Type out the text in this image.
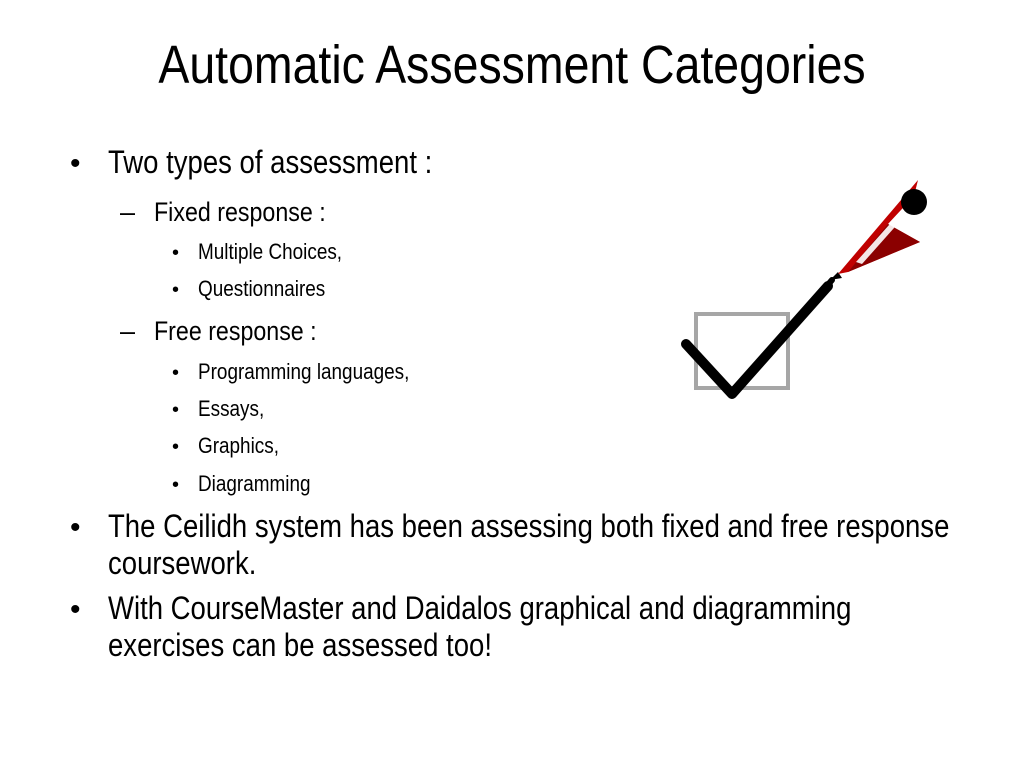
Automatic Assessment Categories
• Two types of assessment :
– Fixed response :
• Multiple Choices,
• Questionnaires
– Free response :
• Programming languages,
• Essays,
• Graphics,
• Diagramming
• The Ceilidh system has been assessing both fixed and free response
coursework.
• With CourseMaster and Daidalos graphical and diagramming
exercises can be assessed too!
